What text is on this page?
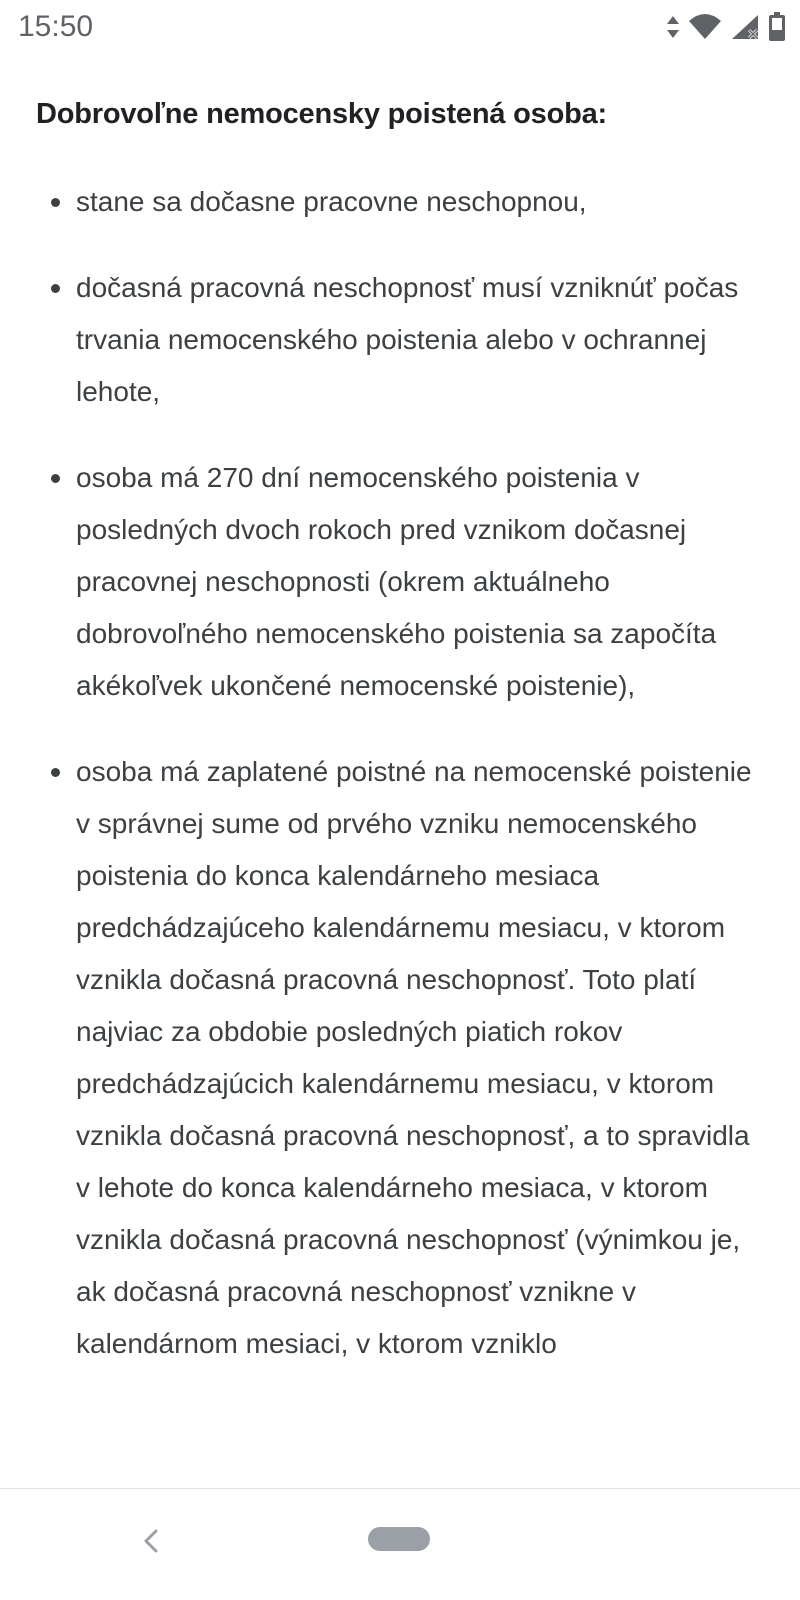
15:50
Dobrovoľne nemocensky poistená osoba:
stane sa dočasne pracovne neschopnou,
dočasná pracovná neschopnosť musí vzniknúť počas trvania nemocenského poistenia alebo v ochrannej lehote,
osoba má 270 dní nemocenského poistenia v posledných dvoch rokoch pred vznikom dočasnej pracovnej neschopnosti (okrem aktuálneho dobrovoľného nemocenského poistenia sa započíta akékoľvek ukončené nemocenské poistenie),
osoba má zaplatené poistné na nemocenské poistenie v správnej sume od prvého vzniku nemocenského poistenia do konca kalendárneho mesiaca predchádzajúceho kalendárnemu mesiacu, v ktorom vznikla dočasná pracovná neschopnosť. Toto platí najviac za obdobie posledných piatich rokov predchádzajúcich kalendárnemu mesiacu, v ktorom vznikla dočasná pracovná neschopnosť, a to spravidla v lehote do konca kalendárneho mesiaca, v ktorom vznikla dočasná pracovná neschopnosť (výnimkou je, ak dočasná pracovná neschopnosť vznikne v kalendárnom mesiaci, v ktorom vzniklo
